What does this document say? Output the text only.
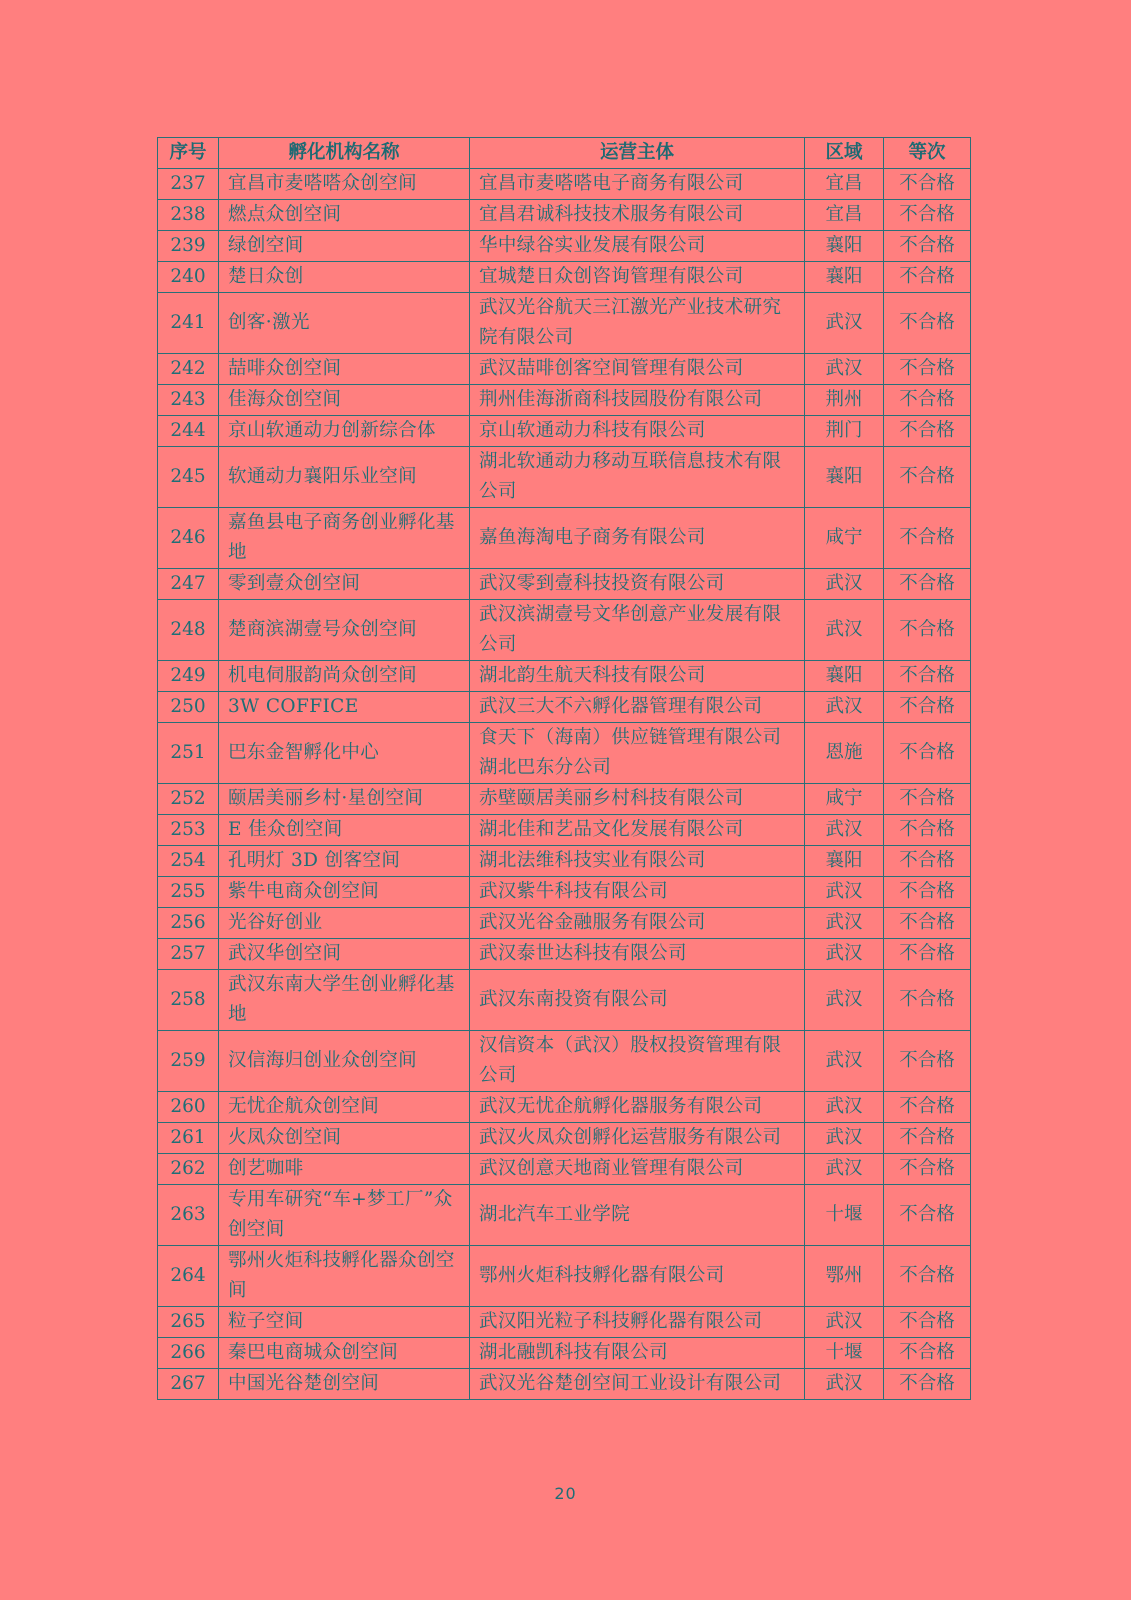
序号	孵化机构名称	运营主体	区域	等次
237	宜昌市麦嗒嗒众创空间	宜昌市麦嗒嗒电子商务有限公司	宜昌	不合格
238	燃点众创空间	宜昌君诚科技技术服务有限公司	宜昌	不合格
239	绿创空间	华中绿谷实业发展有限公司	襄阳	不合格
240	楚日众创	宜城楚日众创咨询管理有限公司	襄阳	不合格
241	创客·激光	武汉光谷航天三江激光产业技术研究院有限公司	武汉	不合格
242	喆啡众创空间	武汉喆啡创客空间管理有限公司	武汉	不合格
243	佳海众创空间	荆州佳海浙商科技园股份有限公司	荆州	不合格
244	京山软通动力创新综合体	京山软通动力科技有限公司	荆门	不合格
245	软通动力襄阳乐业空间	湖北软通动力移动互联信息技术有限公司	襄阳	不合格
246	嘉鱼县电子商务创业孵化基地	嘉鱼海淘电子商务有限公司	咸宁	不合格
247	零到壹众创空间	武汉零到壹科技投资有限公司	武汉	不合格
248	楚商滨湖壹号众创空间	武汉滨湖壹号文华创意产业发展有限公司	武汉	不合格
249	机电伺服韵尚众创空间	湖北韵生航天科技有限公司	襄阳	不合格
250	3W COFFICE	武汉三大不六孵化器管理有限公司	武汉	不合格
251	巴东金智孵化中心	食天下（海南）供应链管理有限公司湖北巴东分公司	恩施	不合格
252	颐居美丽乡村·星创空间	赤壁颐居美丽乡村科技有限公司	咸宁	不合格
253	E 佳众创空间	湖北佳和艺品文化发展有限公司	武汉	不合格
254	孔明灯 3D 创客空间	湖北法维科技实业有限公司	襄阳	不合格
255	紫牛电商众创空间	武汉紫牛科技有限公司	武汉	不合格
256	光谷好创业	武汉光谷金融服务有限公司	武汉	不合格
257	武汉华创空间	武汉泰世达科技有限公司	武汉	不合格
258	武汉东南大学生创业孵化基地	武汉东南投资有限公司	武汉	不合格
259	汉信海归创业众创空间	汉信资本（武汉）股权投资管理有限公司	武汉	不合格
260	无忧企航众创空间	武汉无忧企航孵化器服务有限公司	武汉	不合格
261	火凤众创空间	武汉火凤众创孵化运营服务有限公司	武汉	不合格
262	创艺咖啡	武汉创意天地商业管理有限公司	武汉	不合格
263	专用车研究“车+梦工厂”众创空间	湖北汽车工业学院	十堰	不合格
264	鄂州火炬科技孵化器众创空间	鄂州火炬科技孵化器有限公司	鄂州	不合格
265	粒子空间	武汉阳光粒子科技孵化器有限公司	武汉	不合格
266	秦巴电商城众创空间	湖北融凯科技有限公司	十堰	不合格
267	中国光谷楚创空间	武汉光谷楚创空间工业设计有限公司	武汉	不合格
20
